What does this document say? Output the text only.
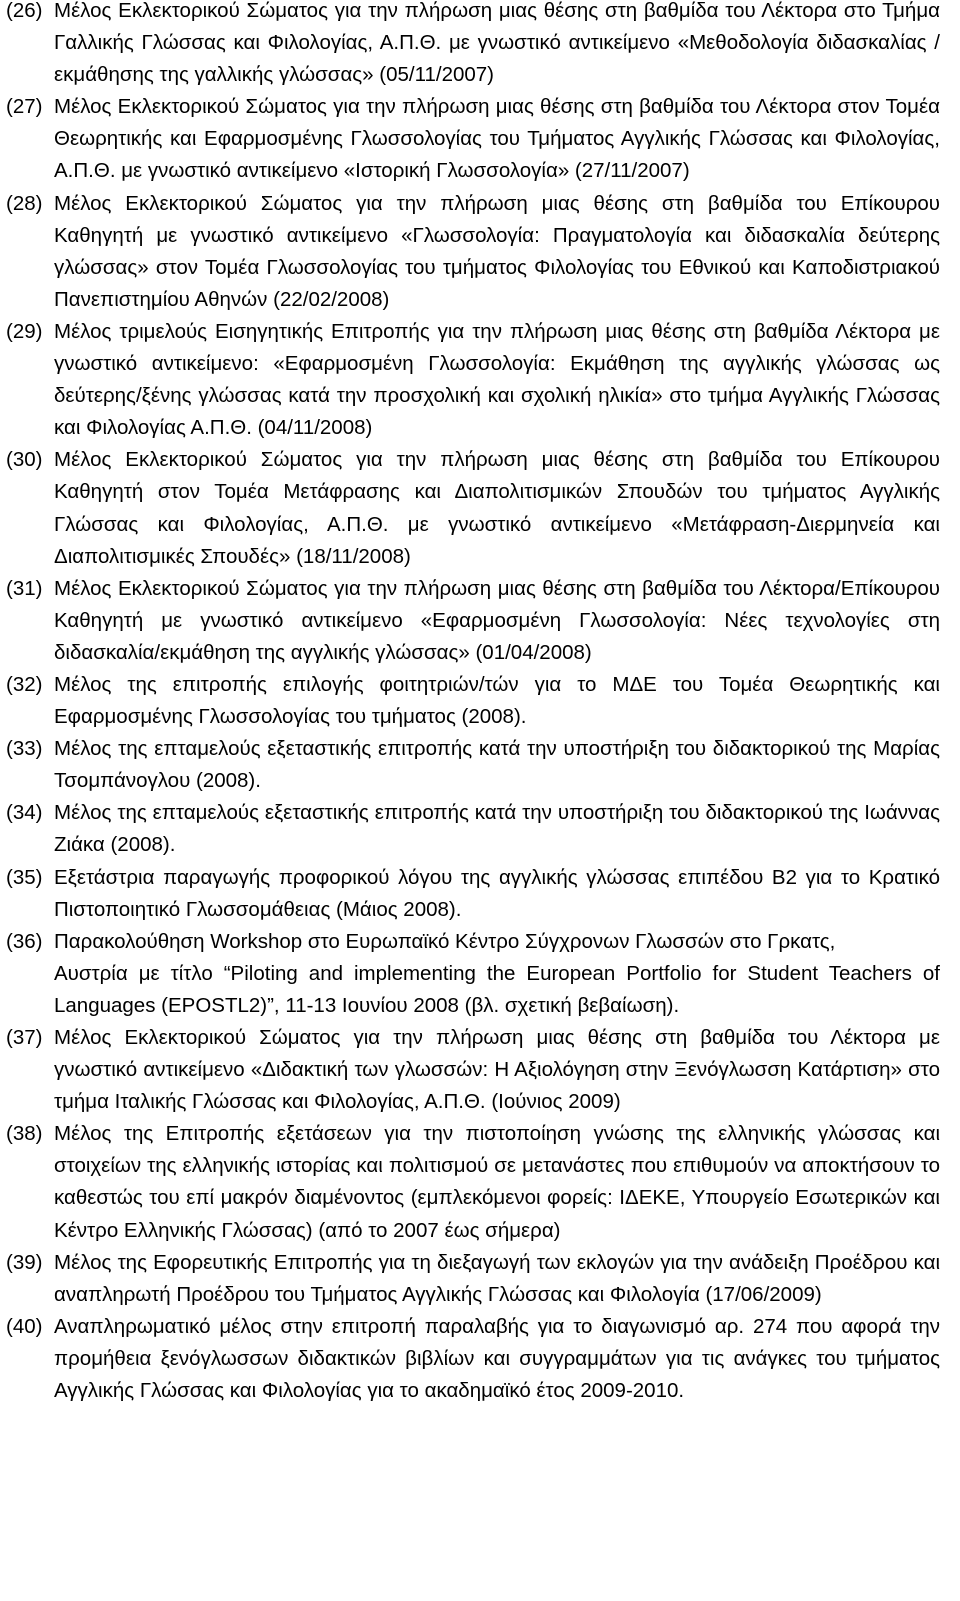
(26) Μέλος Εκλεκτορικού Σώματος για την πλήρωση μιας θέσης στη βαθμίδα του Λέκτορα στο Τμήμα Γαλλικής Γλώσσας και Φιλολογίας, Α.Π.Θ. με γνωστικό αντικείμενο «Μεθοδολογία διδασκαλίας / εκμάθησης της γαλλικής γλώσσας» (05/11/2007)
(27) Μέλος Εκλεκτορικού Σώματος για την πλήρωση μιας θέσης στη βαθμίδα του Λέκτορα στον Τομέα Θεωρητικής και Εφαρμοσμένης Γλωσσολογίας του Τμήματος Αγγλικής Γλώσσας και Φιλολογίας, Α.Π.Θ. με γνωστικό αντικείμενο «Ιστορική Γλωσσολογία» (27/11/2007)
(28) Μέλος Εκλεκτορικού Σώματος για την πλήρωση μιας θέσης στη βαθμίδα του Επίκουρου Καθηγητή με γνωστικό αντικείμενο «Γλωσσολογία: Πραγματολογία και διδασκαλία δεύτερης γλώσσας» στον Τομέα Γλωσσολογίας του τμήματος Φιλολογίας του Εθνικού και Καποδιστριακού Πανεπιστημίου Αθηνών (22/02/2008)
(29) Μέλος τριμελούς Εισηγητικής Επιτροπής για την πλήρωση μιας θέσης στη βαθμίδα Λέκτορα με γνωστικό αντικείμενο: «Εφαρμοσμένη Γλωσσολογία: Εκμάθηση της αγγλικής γλώσσας ως δεύτερης/ξένης γλώσσας κατά την προσχολική και σχολική ηλικία» στο τμήμα Αγγλικής Γλώσσας και Φιλολογίας Α.Π.Θ. (04/11/2008)
(30) Μέλος Εκλεκτορικού Σώματος για την πλήρωση μιας θέσης στη βαθμίδα του Επίκουρου Καθηγητή στον Τομέα Μετάφρασης και Διαπολιτισμικών Σπουδών του τμήματος Αγγλικής Γλώσσας και Φιλολογίας, Α.Π.Θ. με γνωστικό αντικείμενο «Μετάφραση-Διερμηνεία και Διαπολιτισμικές Σπουδές» (18/11/2008)
(31) Μέλος Εκλεκτορικού Σώματος για την πλήρωση μιας θέσης στη βαθμίδα του Λέκτορα/Επίκουρου Καθηγητή με γνωστικό αντικείμενο «Εφαρμοσμένη Γλωσσολογία: Νέες τεχνολογίες στη διδασκαλία/εκμάθηση της αγγλικής γλώσσας» (01/04/2008)
(32) Μέλος της επιτροπής επιλογής φοιτητριών/τών για το ΜΔΕ του Τομέα Θεωρητικής και Εφαρμοσμένης Γλωσσολογίας του τμήματος (2008).
(33) Μέλος της επταμελούς εξεταστικής επιτροπής κατά την υποστήριξη του διδακτορικού της Μαρίας Τσομπάνογλου (2008).
(34) Μέλος της επταμελούς εξεταστικής επιτροπής κατά την υποστήριξη του διδακτορικού της Ιωάννας Ζιάκα (2008).
(35) Εξετάστρια παραγωγής προφορικού λόγου της αγγλικής γλώσσας επιπέδου Β2 για το Κρατικό Πιστοποιητικό Γλωσσομάθειας (Μάιος 2008).
(36) Παρακολούθηση Workshop στο Ευρωπαϊκό Κέντρο Σύγχρονων Γλωσσών στο Γρκατς,
Αυστρία με τίτλο “Piloting and implementing the European Portfolio for Student Teachers of Languages (EPOSTL2)”, 11-13 Ιουνίου 2008 (βλ. σχετική βεβαίωση).
(37) Μέλος Εκλεκτορικού Σώματος για την πλήρωση μιας θέσης στη βαθμίδα του Λέκτορα με γνωστικό αντικείμενο «Διδακτική των γλωσσών: Η Αξιολόγηση στην Ξενόγλωσση Κατάρτιση» στο τμήμα Ιταλικής Γλώσσας και Φιλολογίας, Α.Π.Θ. (Ιούνιος 2009)
(38) Μέλος της Επιτροπής εξετάσεων για την πιστοποίηση γνώσης της ελληνικής γλώσσας και στοιχείων της ελληνικής ιστορίας και πολιτισμού σε μετανάστες που επιθυμούν να αποκτήσουν το καθεστώς του επί μακρόν διαμένοντος (εμπλεκόμενοι φορείς: ΙΔΕΚΕ, Υπουργείο Εσωτερικών και Κέντρο Ελληνικής Γλώσσας) (από το 2007 έως σήμερα)
(39) Μέλος της Εφορευτικής Επιτροπής για τη διεξαγωγή των εκλογών για την ανάδειξη Προέδρου και αναπληρωτή Προέδρου του Τμήματος Αγγλικής Γλώσσας και Φιλολογία (17/06/2009)
(40) Αναπληρωματικό μέλος στην επιτροπή παραλαβής για το διαγωνισμό αρ. 274 που αφορά την προμήθεια ξενόγλωσσων διδακτικών βιβλίων και συγγραμμάτων για τις ανάγκες του τμήματος Αγγλικής Γλώσσας και Φιλολογίας για το ακαδημαϊκό έτος 2009-2010.
